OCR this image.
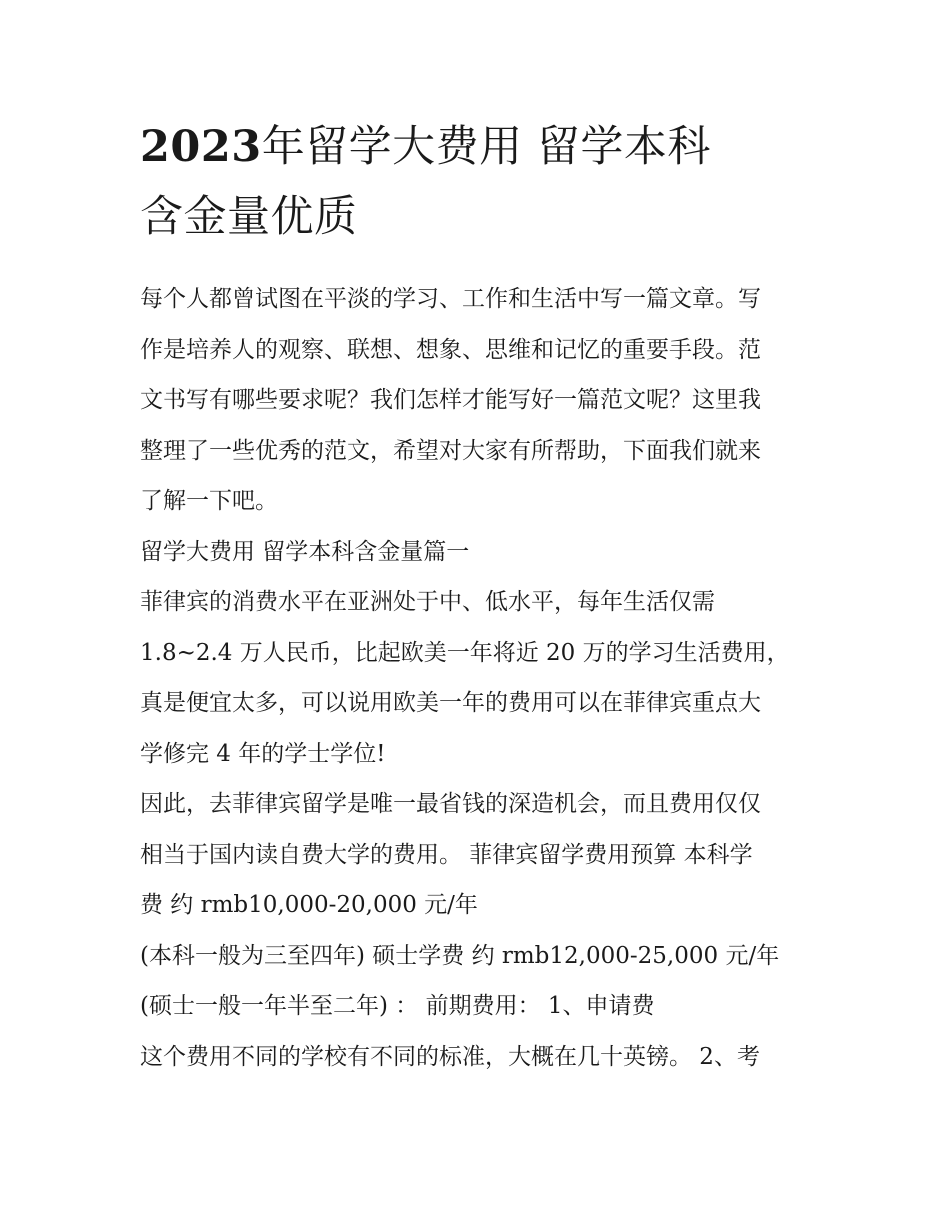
2023年留学大费用 留学本科
含金量优质
每个人都曾试图在平淡的学习、工作和生活中写一篇文章。写
作是培养人的观察、联想、想象、思维和记忆的重要手段。范
文书写有哪些要求呢？我们怎样才能写好一篇范文呢？这里我
整理了一些优秀的范文，希望对大家有所帮助，下面我们就来
了解一下吧。
留学大费用 留学本科含金量篇一
菲律宾的消费水平在亚洲处于中、低水平，每年生活仅需
1.8~2.4 万人民币，比起欧美一年将近 20 万的学习生活费用，
真是便宜太多，可以说用欧美一年的费用可以在菲律宾重点大
学修完 4 年的学士学位!
因此，去菲律宾留学是唯一最省钱的深造机会，而且费用仅仅
相当于国内读自费大学的费用。 菲律宾留学费用预算 本科学
费 约 rmb10,000-20,000 元/年
(本科一般为三至四年) 硕士学费 约 rmb12,000-25,000 元/年
(硕士一般一年半至二年) ： 前期费用： 1、申请费
这个费用不同的学校有不同的标准，大概在几十英镑。 2、考
